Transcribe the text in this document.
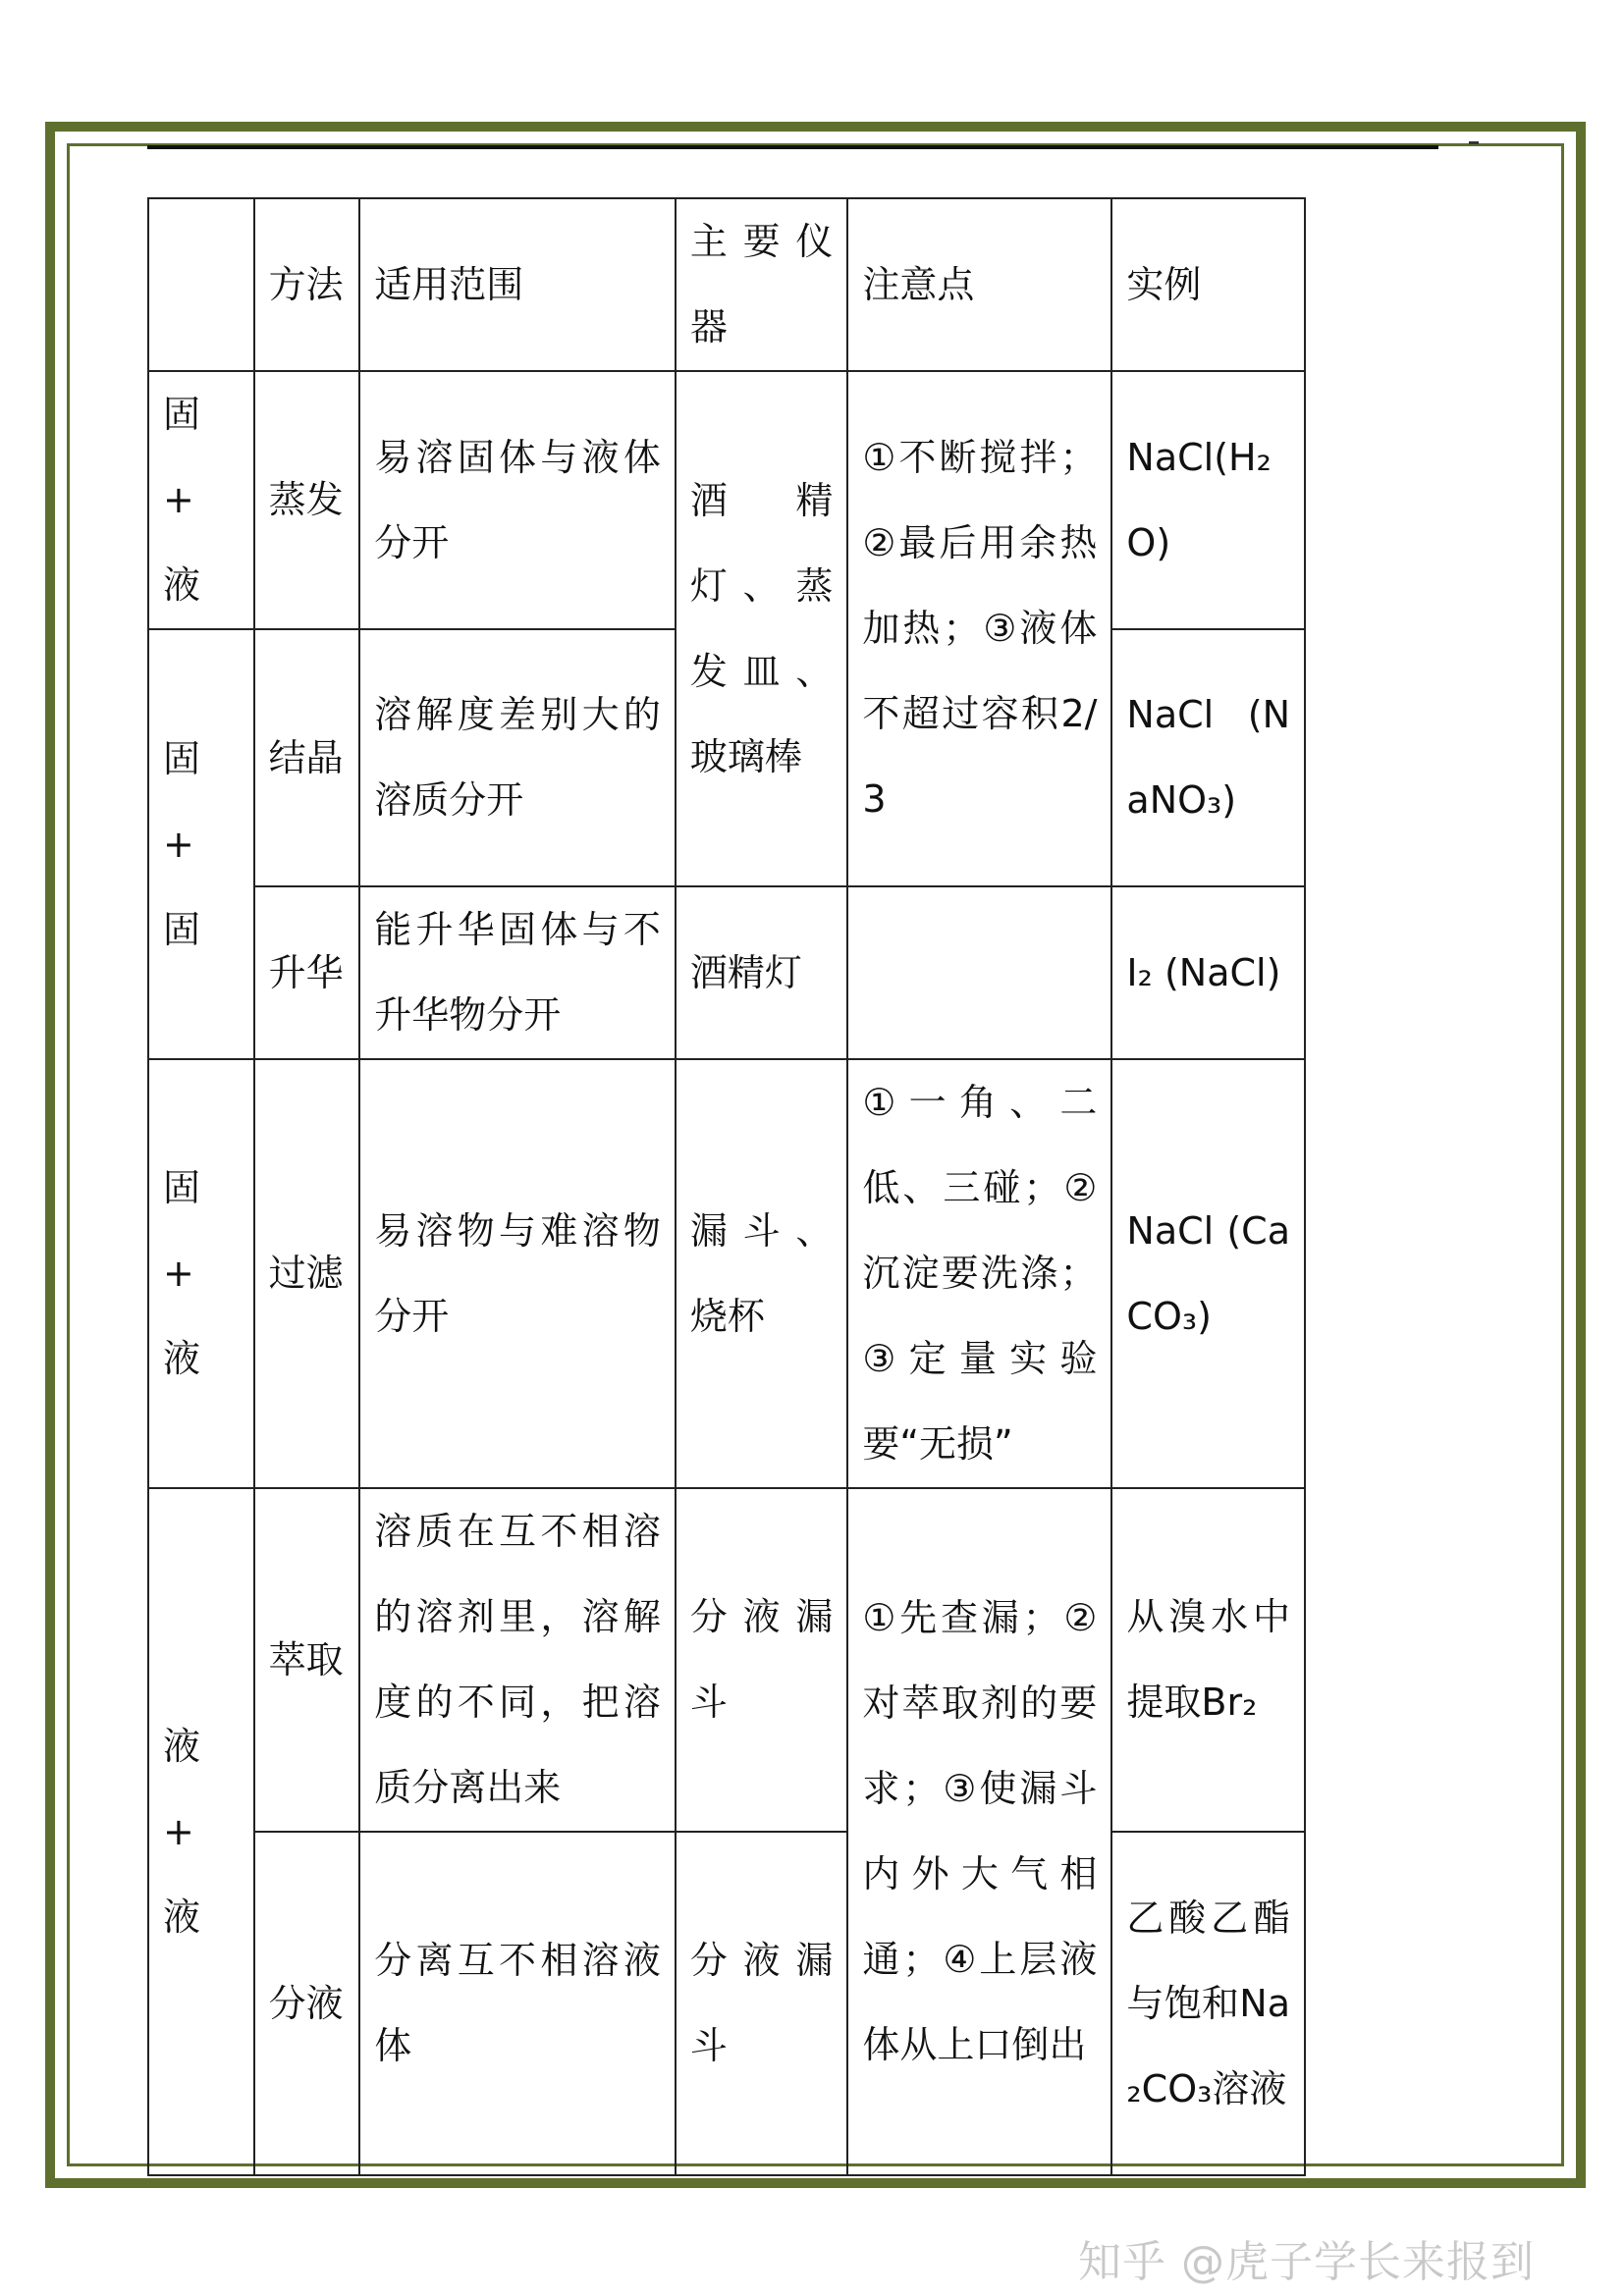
	方法	适用范围	主要仪器	注意点	实例
固 + 液	蒸发	易溶固体与液体分开	酒精灯、蒸发皿、玻璃棒	①不断搅拌；②最后用余热加热；③液体不超过容积2/3	NaCl(H₂O)
固 + 固	结晶	溶解度差别大的溶质分开			NaCl (NaNO₃)
	升华	能升华固体与不升华物分开	酒精灯		I₂ (NaCl)
固 + 液	过滤	易溶物与难溶物分开	漏斗、烧杯	①一角、二低、三碰；②沉淀要洗涤；③定量实验要“无损”	NaCl (CaCO₃)
液 + 液	萃取	溶质在互不相溶的溶剂里，溶解度的不同，把溶质分离出来	分液漏斗	①先查漏；②对萃取剂的要求；③使漏斗内外大气相通；④上层液体从上口倒出	从溴水中提取Br₂
	分液	分离互不相溶液体	分液漏斗		乙酸乙酯与饱和Na₂CO₃溶液
知乎 @虎子学长来报到
